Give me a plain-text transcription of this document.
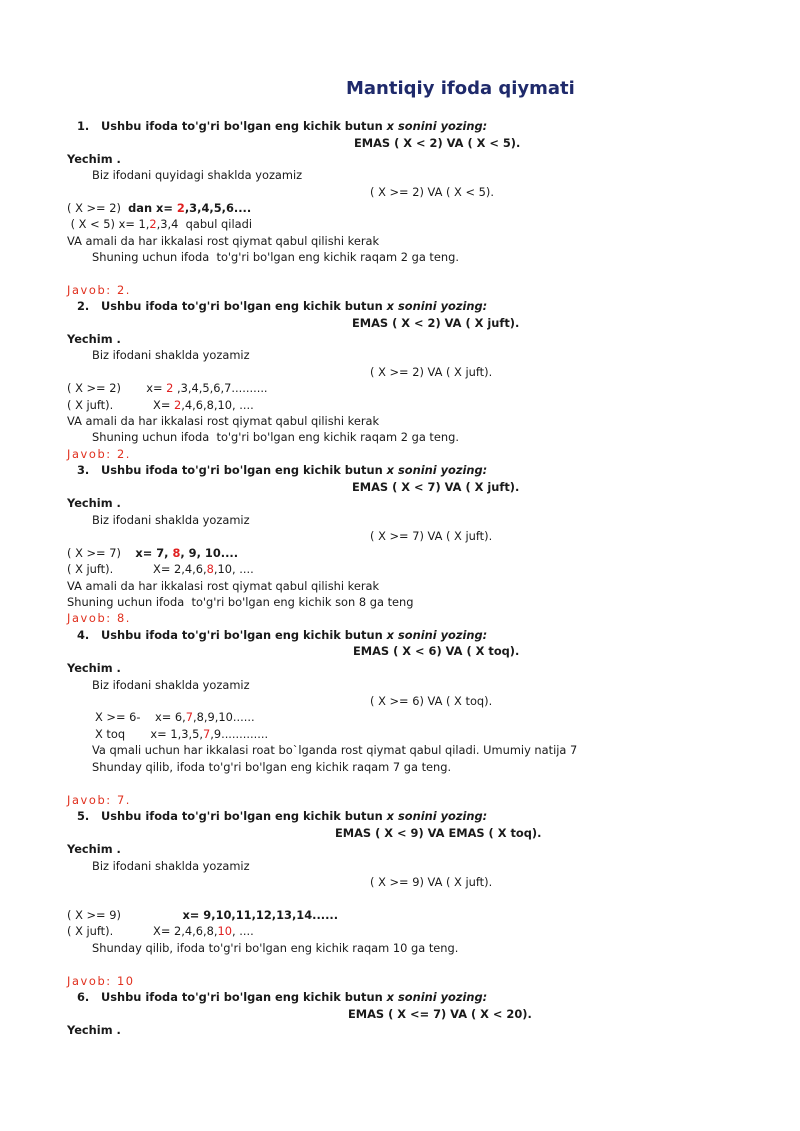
Mantiqiy ifoda qiymati
1. Ushbu ifoda to'g'ri bo'lgan eng kichik butun x sonini yozing:
EMAS ( X < 2) VA ( X < 5).
Yechim .
Biz ifodani quyidagi shaklda yozamiz
( X >= 2) VA ( X < 5).
( X >= 2)  dan x= 2,3,4,5,6....
( X < 5) x= 1,2,3,4  qabul qiladi
VA amali da har ikkalasi rost qiymat qabul qilishi kerak
Shuning uchun ifoda  to'g'ri bo'lgan eng kichik raqam 2 ga teng.
Javob: 2.
2. Ushbu ifoda to'g'ri bo'lgan eng kichik butun x sonini yozing:
EMAS ( X < 2) VA ( X juft).
Yechim .
Biz ifodani shaklda yozamiz
( X >= 2) VA ( X juft).
( X >= 2)       x= 2 ,3,4,5,6,7..........
( X juft).           X= 2,4,6,8,10, ....
VA amali da har ikkalasi rost qiymat qabul qilishi kerak
Shuning uchun ifoda  to'g'ri bo'lgan eng kichik raqam 2 ga teng.
Javob: 2.
3. Ushbu ifoda to'g'ri bo'lgan eng kichik butun x sonini yozing:
EMAS ( X < 7) VA ( X juft).
Yechim .
Biz ifodani shaklda yozamiz
( X >= 7) VA ( X juft).
( X >= 7)    x= 7, 8, 9, 10....
( X juft).           X= 2,4,6,8,10, ....
VA amali da har ikkalasi rost qiymat qabul qilishi kerak
Shuning uchun ifoda  to'g'ri bo'lgan eng kichik son 8 ga teng
Javob: 8.
4. Ushbu ifoda to'g'ri bo'lgan eng kichik butun x sonini yozing:
EMAS ( X < 6) VA ( X toq).
Yechim .
Biz ifodani shaklda yozamiz
( X >= 6) VA ( X toq).
X >= 6-    x= 6,7,8,9,10......
X toq       x= 1,3,5,7,9.............
Va qmali uchun har ikkalasi roat bo`lganda rost qiymat qabul qiladi. Umumiy natija 7
Shunday qilib, ifoda to'g'ri bo'lgan eng kichik raqam 7 ga teng.
Javob: 7.
5. Ushbu ifoda to'g'ri bo'lgan eng kichik butun x sonini yozing:
EMAS ( X < 9) VA EMAS ( X toq).
Yechim .
Biz ifodani shaklda yozamiz
( X >= 9) VA ( X juft).
( X >= 9)                 x= 9,10,11,12,13,14......
( X juft).           X= 2,4,6,8,10, ....
Shunday qilib, ifoda to'g'ri bo'lgan eng kichik raqam 10 ga teng.
Javob: 10
6. Ushbu ifoda to'g'ri bo'lgan eng kichik butun x sonini yozing:
EMAS ( X <= 7) VA ( X < 20).
Yechim .
